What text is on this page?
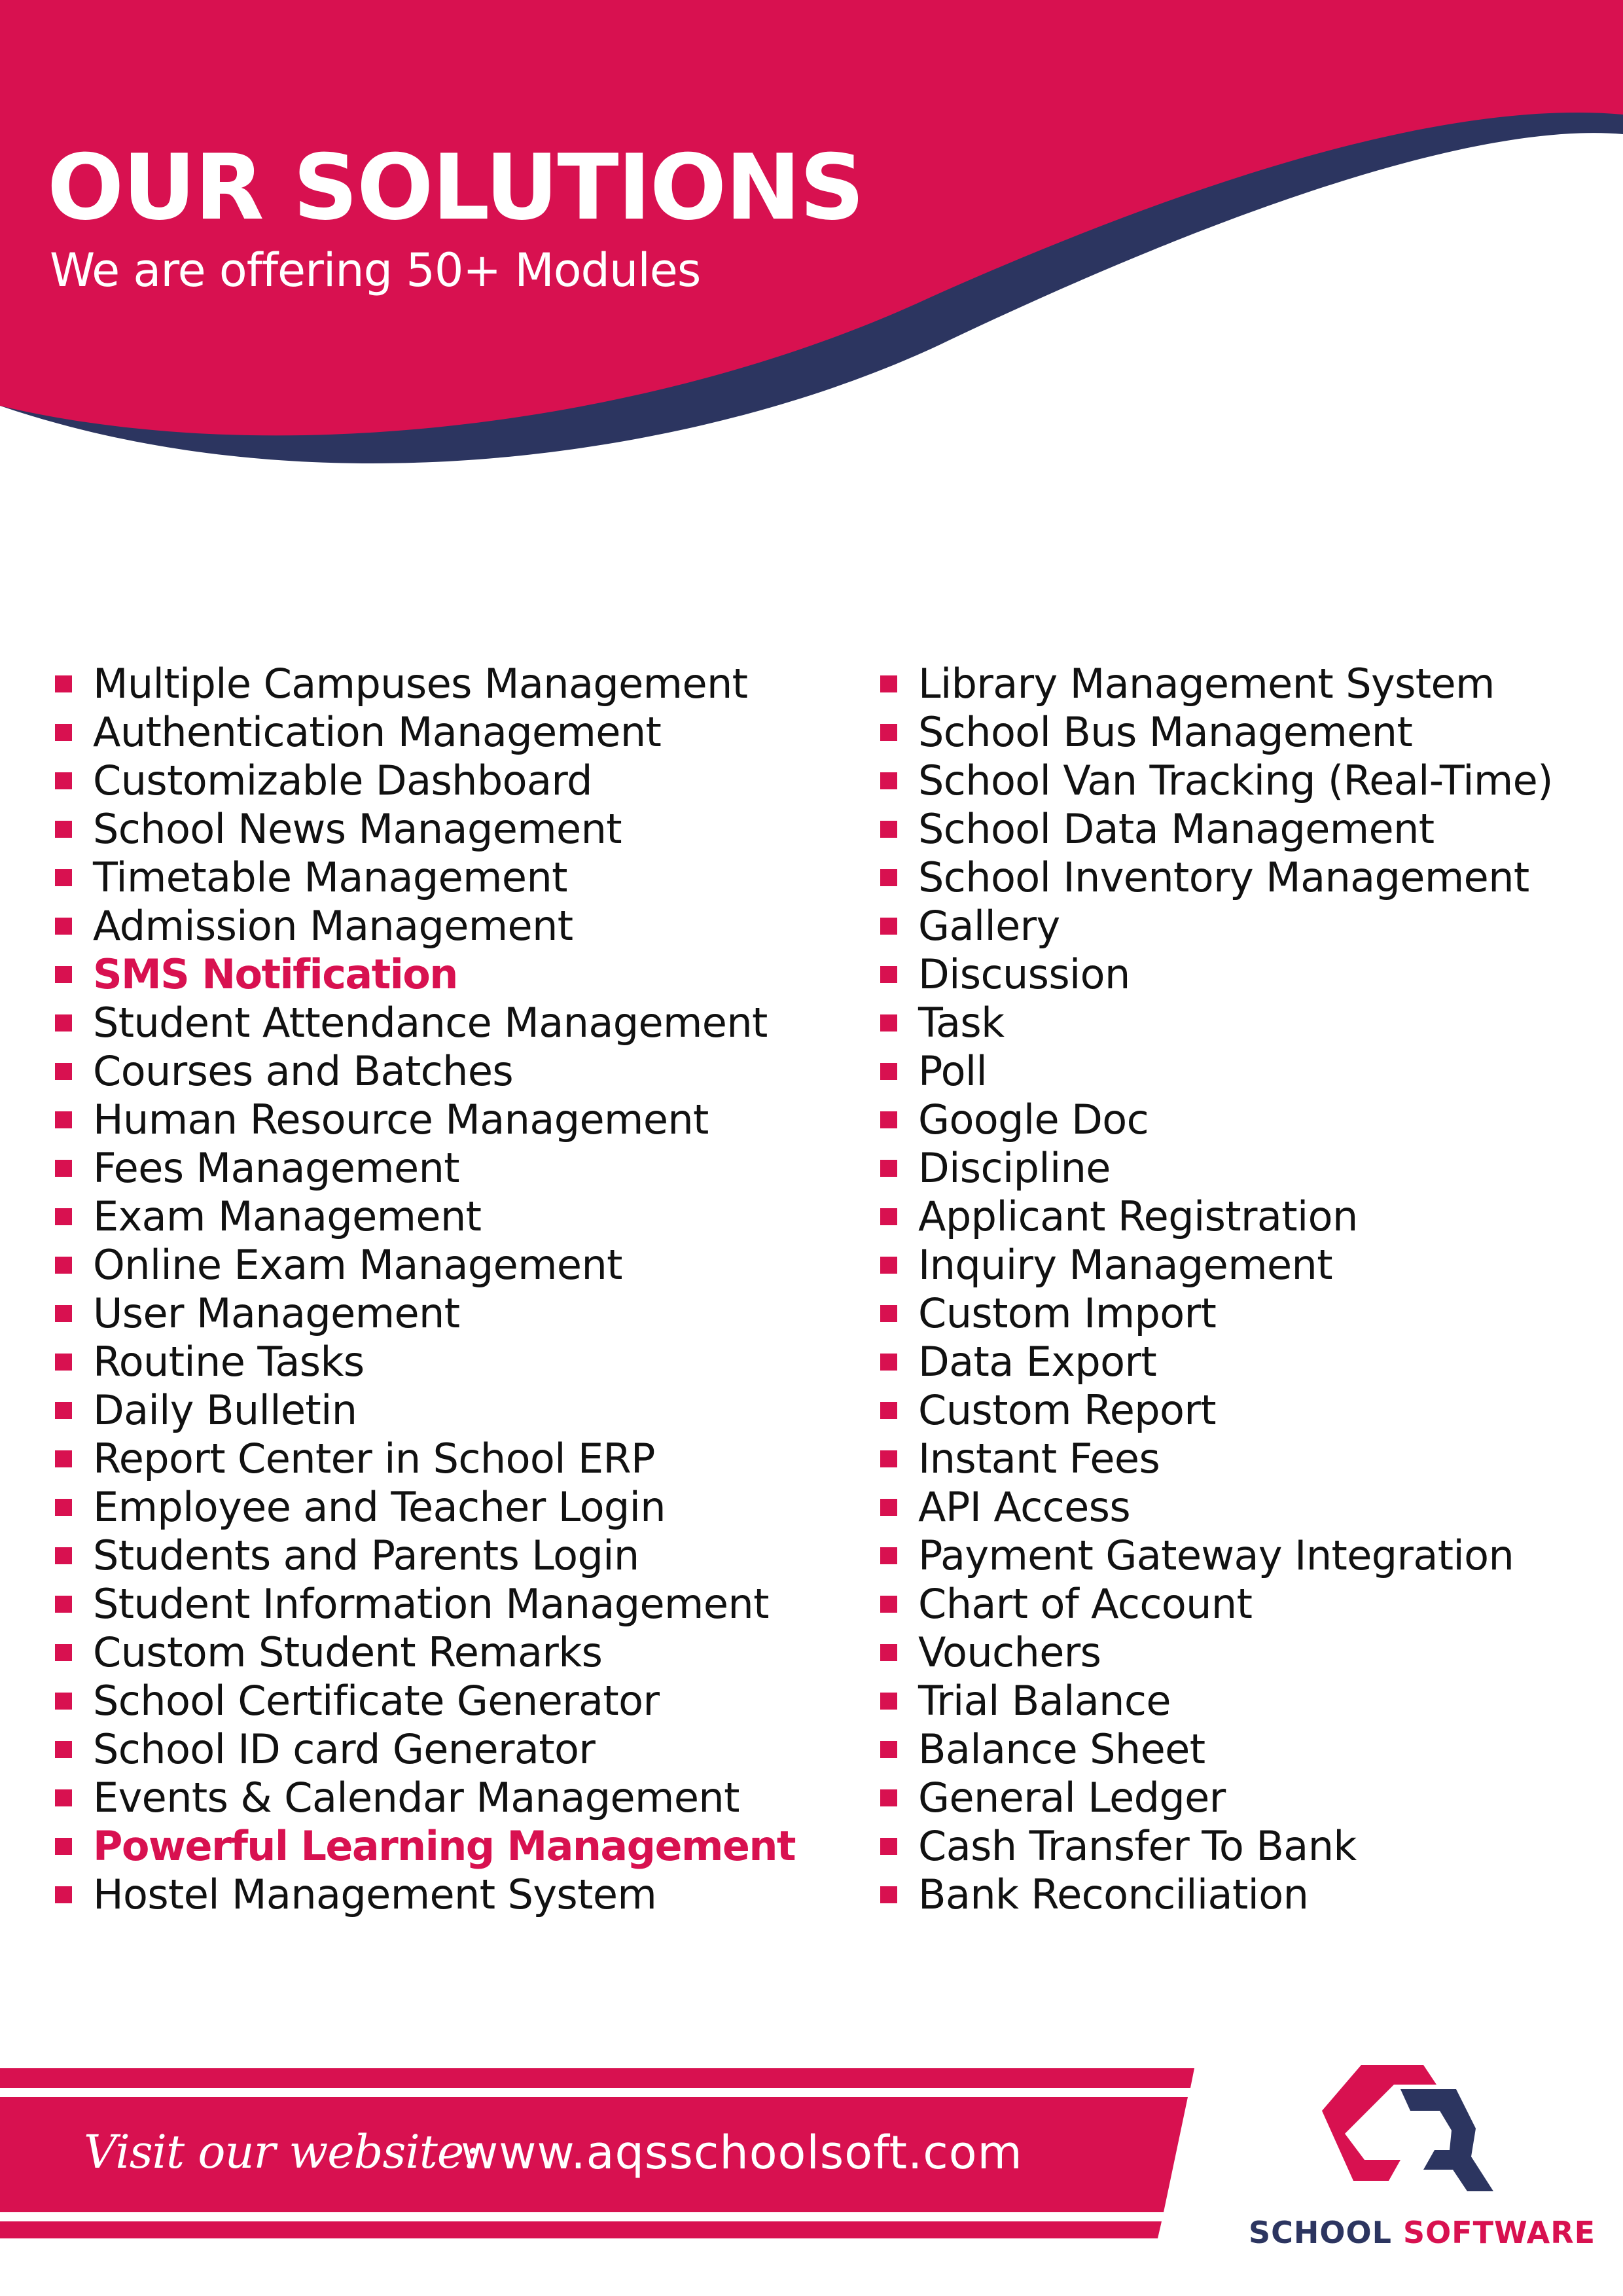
OUR SOLUTIONS

We are offering 50+ Modules

Multiple Campuses Management
Authentication Management
Customizable Dashboard
School News Management
Timetable Management
Admission Management
SMS Notification
Student Attendance Management
Courses and Batches
Human Resource Management
Fees Management
Exam Management
Online Exam Management
User Management
Routine Tasks
Daily Bulletin
Report Center in School ERP
Employee and Teacher Login
Students and Parents Login
Student Information Management
Custom Student Remarks
School Certificate Generator
School ID card Generator
Events & Calendar Management
Powerful Learning Management
Hostel Management System
Library Management System
School Bus Management
School Van Tracking (Real-Time)
School Data Management
School Inventory Management
Gallery
Discussion
Task
Poll
Google Doc
Discipline
Applicant Registration
Inquiry Management
Custom Import
Data Export
Custom Report
Instant Fees
API Access
Payment Gateway Integration
Chart of Account
Vouchers
Trial Balance
Balance Sheet
General Ledger
Cash Transfer To Bank
Bank Reconciliation
Visit our website:
www.aqsschoolsoft.com
SCHOOL SOFTWARE
